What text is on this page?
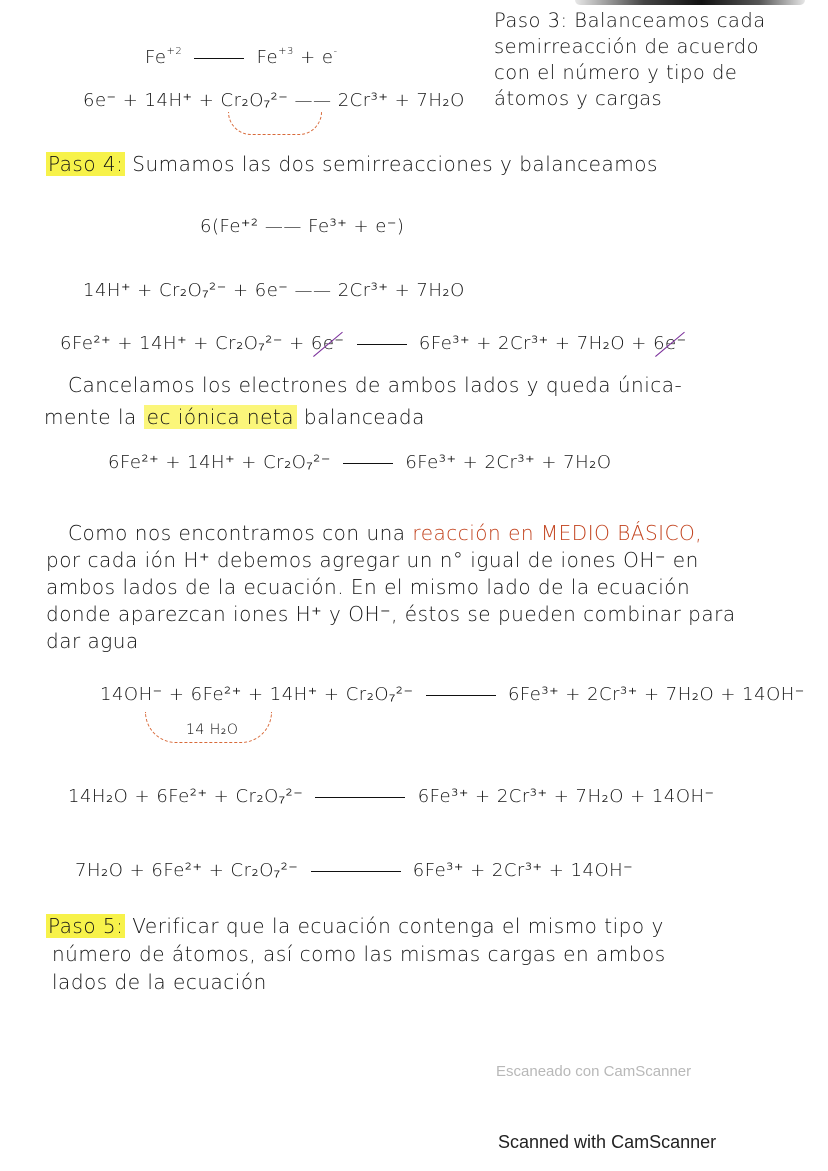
Paso 3: Balanceamos cada
semirreacción de acuerdo
con el número y tipo de
átomos y cargas
$Fe^{+2}$	$Fe^{+3} + e^-$
6e⁻ + 14H⁺ + Cr₂O₇²⁻ —— 2Cr³⁺ + 7H₂O
Paso 4: Sumamos las dos semirreacciones y balanceamos
6(Fe⁺² —— Fe³⁺ + e⁻)
14H⁺ + Cr₂O₇²⁻ + 6e⁻ —— 2Cr³⁺ + 7H₂O
6Fe²⁺ + 14H⁺ + Cr₂O₇²⁻ + 6e⁻	6Fe³⁺ + 2Cr³⁺ + 7H₂O + 6e⁻
Cancelamos los electrones de ambos lados y queda única-
mente la ec iónica neta balanceada
6Fe²⁺ + 14H⁺ + Cr₂O₇²⁻	6Fe³⁺ + 2Cr³⁺ + 7H₂O
Como nos encontramos con una reacción en MEDIO BÁSICO,
por cada ión H⁺ debemos agregar un n° igual de iones OH⁻ en
ambos lados de la ecuación. En el mismo lado de la ecuación
donde aparezcan iones H⁺ y OH⁻, éstos se pueden combinar para
dar agua
14OH⁻ + 6Fe²⁺ + 14H⁺ + Cr₂O₇²⁻	6Fe³⁺ + 2Cr³⁺ + 7H₂O + 14OH⁻
14 H₂O
14H₂O + 6Fe²⁺ + Cr₂O₇²⁻	6Fe³⁺ + 2Cr³⁺ + 7H₂O + 14OH⁻
7H₂O + 6Fe²⁺ + Cr₂O₇²⁻	6Fe³⁺ + 2Cr³⁺ + 14OH⁻
Paso 5: Verificar que la ecuación contenga el mismo tipo y
número de átomos, así como las mismas cargas en ambos
lados de la ecuación
Escaneado con CamScanner
Scanned with CamScanner
